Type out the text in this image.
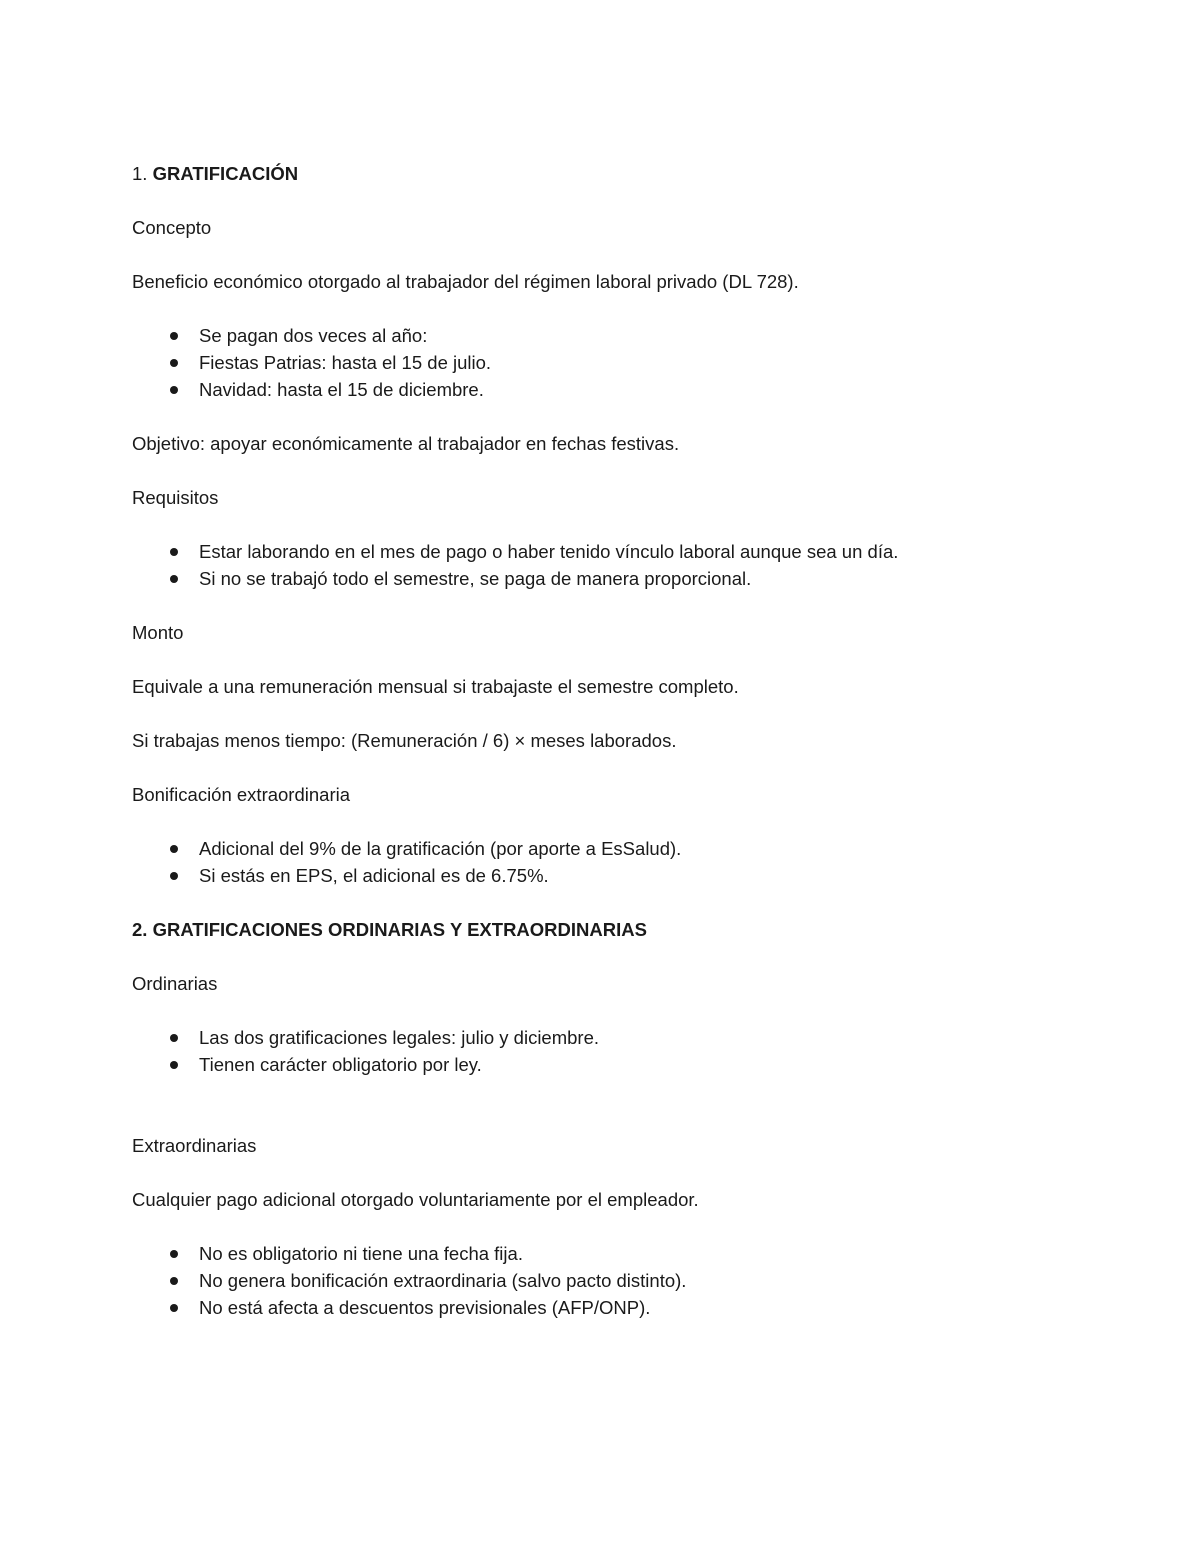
1. GRATIFICACIÓN

Concepto

Beneficio económico otorgado al trabajador del régimen laboral privado (DL 728).

Se pagan dos veces al año:
Fiestas Patrias: hasta el 15 de julio.
Navidad: hasta el 15 de diciembre.

Objetivo: apoyar económicamente al trabajador en fechas festivas.

Requisitos

Estar laborando en el mes de pago o haber tenido vínculo laboral aunque sea un día.
Si no se trabajó todo el semestre, se paga de manera proporcional.

Monto

Equivale a una remuneración mensual si trabajaste el semestre completo.

Si trabajas menos tiempo: (Remuneración / 6) × meses laborados.

Bonificación extraordinaria

Adicional del 9% de la gratificación (por aporte a EsSalud).
Si estás en EPS, el adicional es de 6.75%.

2. GRATIFICACIONES ORDINARIAS Y EXTRAORDINARIAS

Ordinarias

Las dos gratificaciones legales: julio y diciembre.
Tienen carácter obligatorio por ley.

Extraordinarias

Cualquier pago adicional otorgado voluntariamente por el empleador.

No es obligatorio ni tiene una fecha fija.
No genera bonificación extraordinaria (salvo pacto distinto).
No está afecta a descuentos previsionales (AFP/ONP).
